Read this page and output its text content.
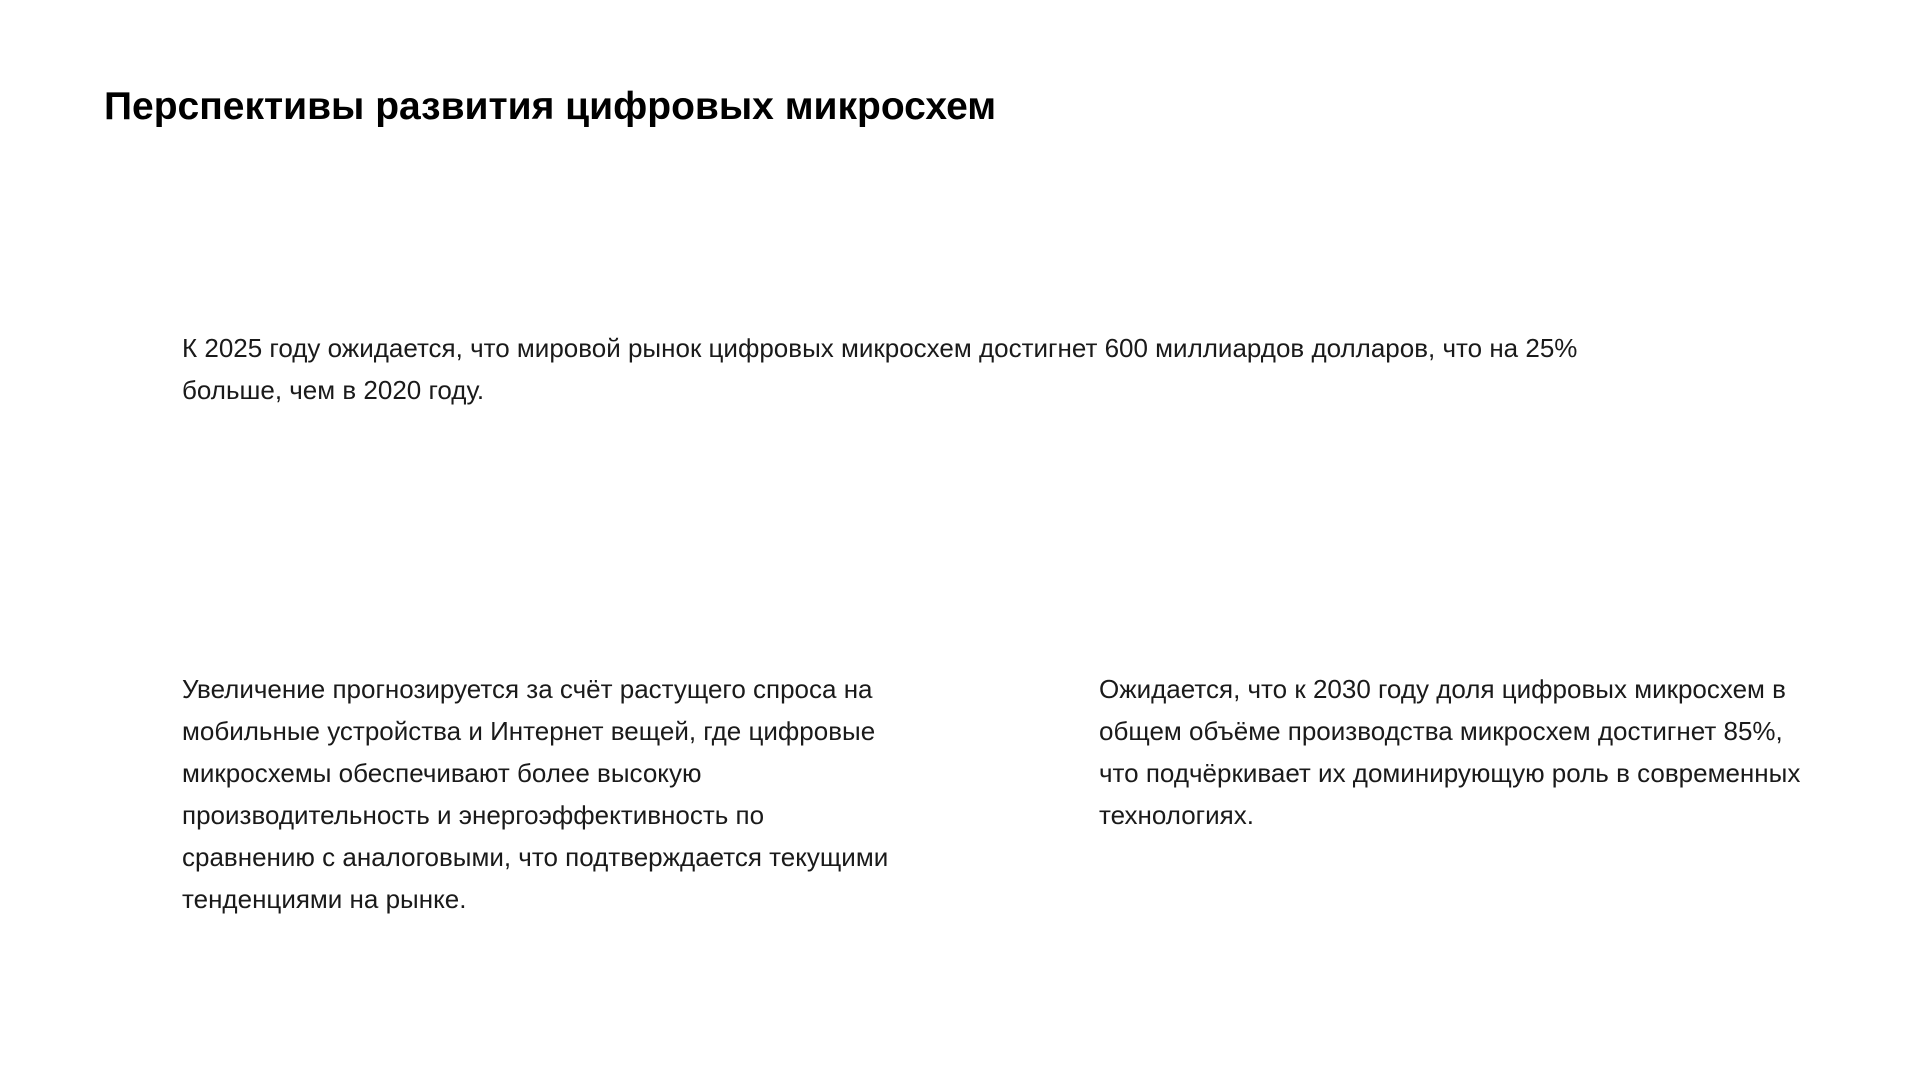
Перспективы развития цифровых микросхем

К 2025 году ожидается, что мировой рынок цифровых микросхем достигнет 600 миллиардов долларов, что на 25% больше, чем в 2020 году.

Увеличение прогнозируется за счёт растущего спроса на мобильные устройства и Интернет вещей, где цифровые микросхемы обеспечивают более высокую производительность и энергоэффективность по сравнению с аналоговыми, что подтверждается текущими тенденциями на рынке.

Ожидается, что к 2030 году доля цифровых микросхем в общем объёме производства микросхем достигнет 85%, что подчёркивает их доминирующую роль в современных технологиях.
